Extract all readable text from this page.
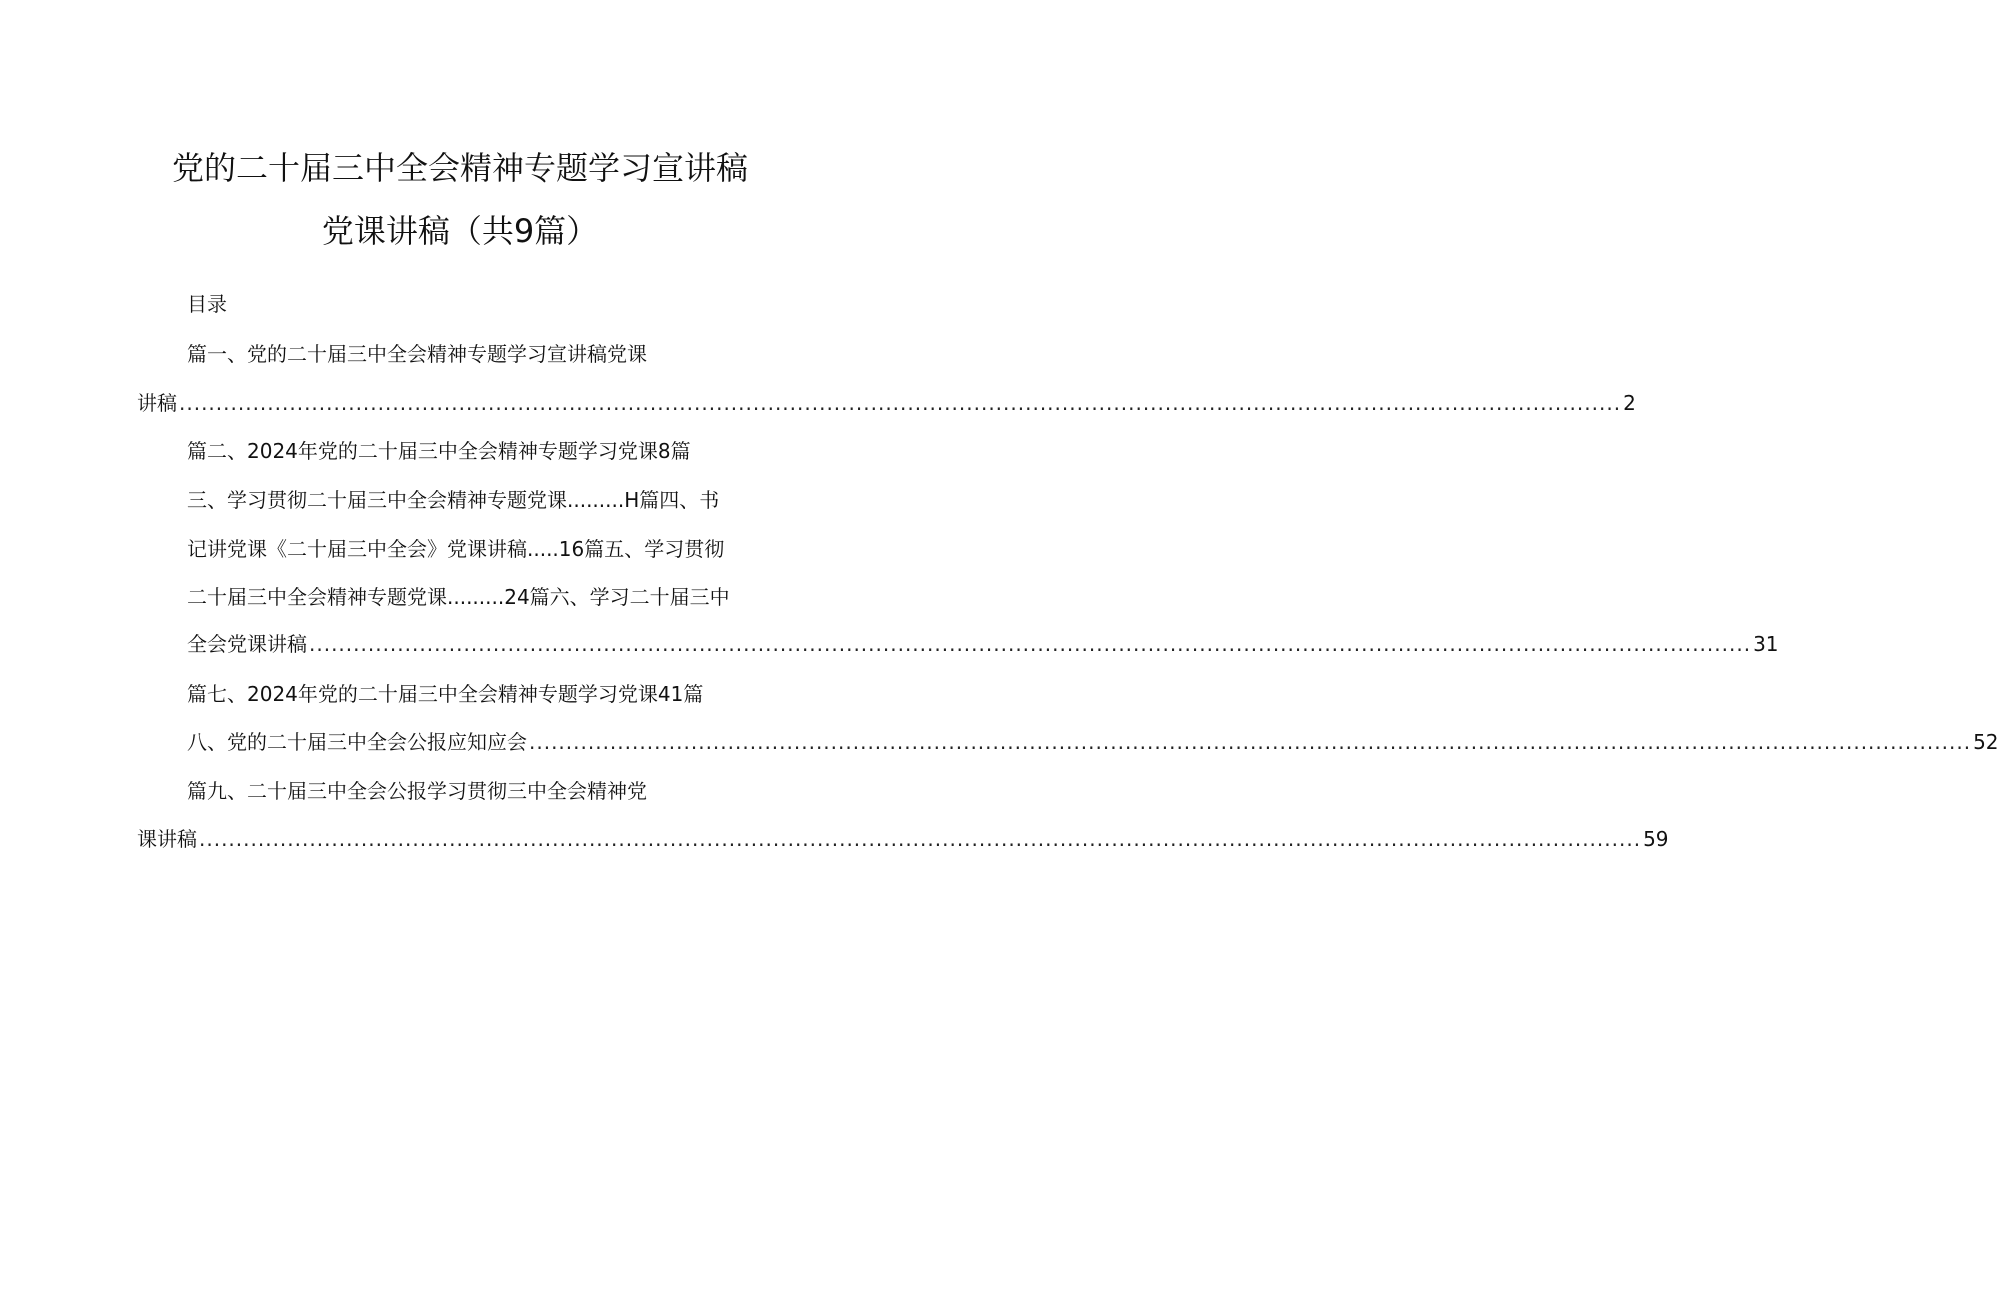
党的二十届三中全会精神专题学习宣讲稿
党课讲稿（共9篇）
目录
篇一、党的二十届三中全会精神专题学习宣讲稿党课
讲稿 .................................................................................................................................................................................................... 2
篇二、2024年党的二十届三中全会精神专题学习党课8篇
三、学习贯彻二十届三中全会精神专题党课.........H篇四、书
记讲党课《二十届三中全会》党课讲稿.....16篇五、学习贯彻
二十届三中全会精神专题党课.........24篇六、学习二十届三中
全会党课讲稿 .................................................................................................................................................................................................... 31
篇七、2024年党的二十届三中全会精神专题学习党课41篇
八、党的二十届三中全会公报应知应会 .................................................................................................................................................................................................... 52
篇九、二十届三中全会公报学习贯彻三中全会精神党
课讲稿 .................................................................................................................................................................................................... 59
